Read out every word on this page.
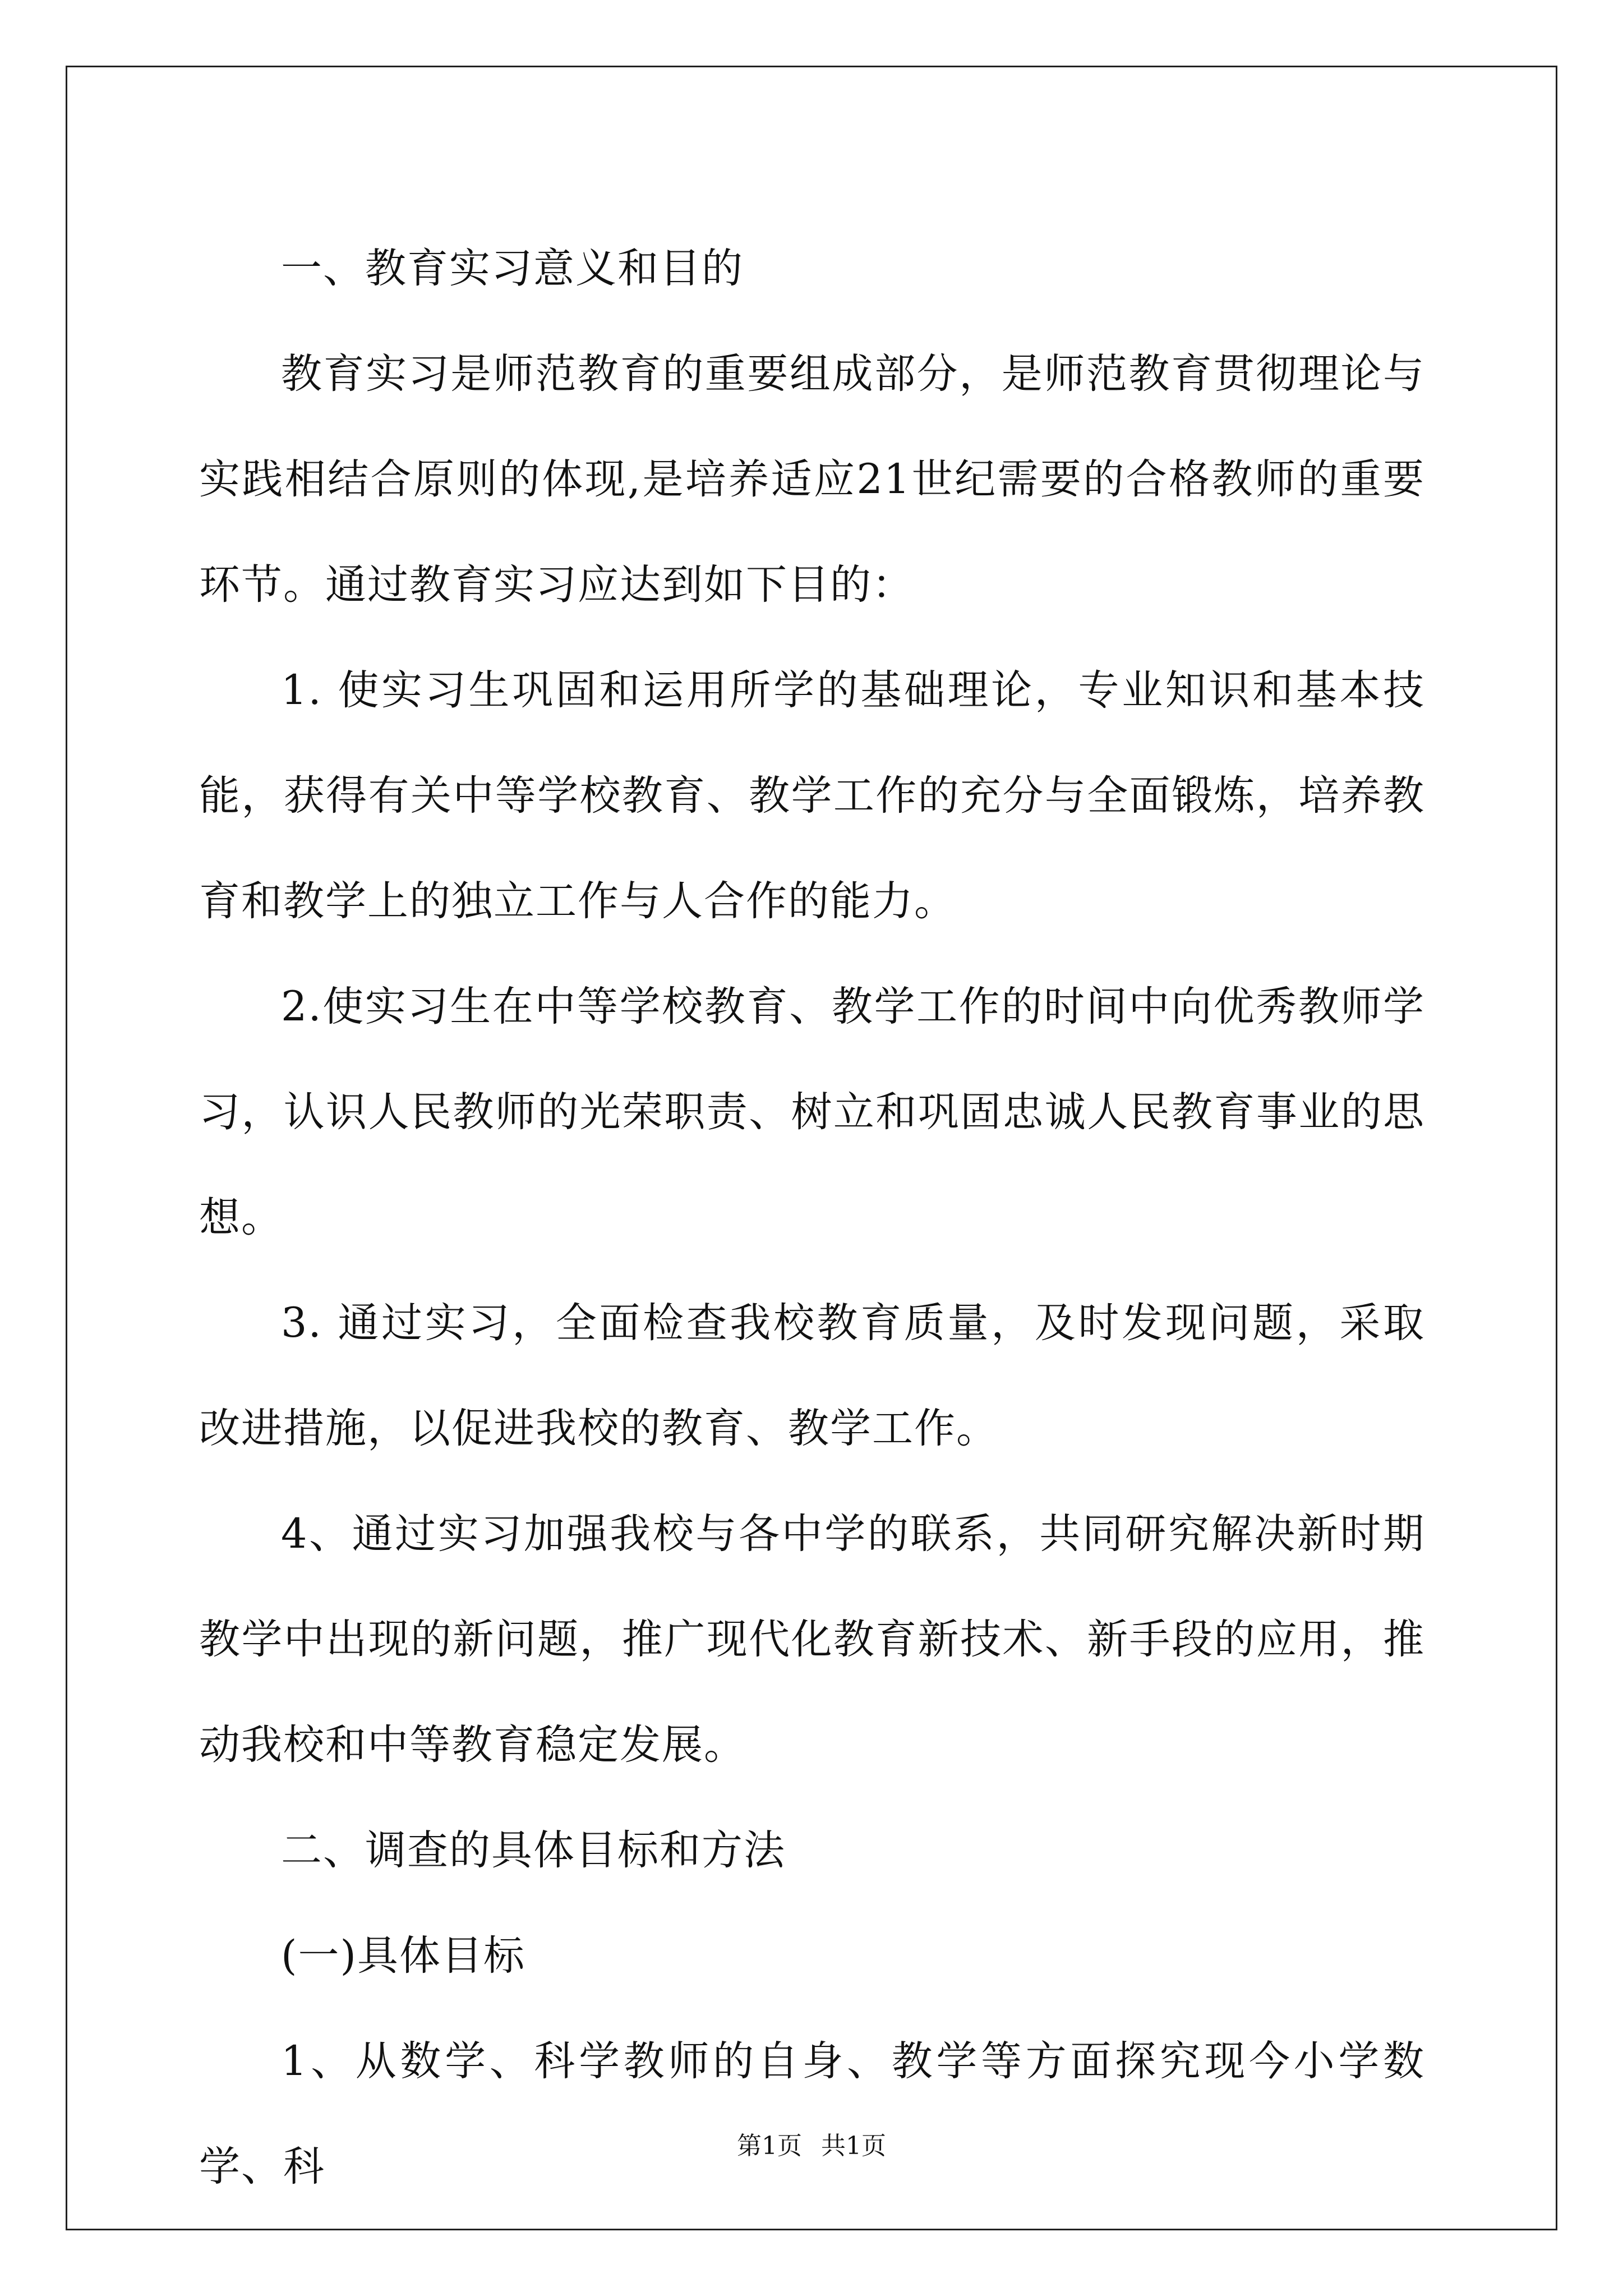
一、教育实习意义和目的

教育实习是师范教育的重要组成部分，是师范教育贯彻理论与实践相结合原则的体现,是培养适应21世纪需要的合格教师的重要环节。通过教育实习应达到如下目的：

1. 使实习生巩固和运用所学的基础理论，专业知识和基本技能，获得有关中等学校教育、教学工作的充分与全面锻炼，培养教育和教学上的独立工作与人合作的能力。

2.使实习生在中等学校教育、教学工作的时间中向优秀教师学习，认识人民教师的光荣职责、树立和巩固忠诚人民教育事业的思想。

3. 通过实习，全面检查我校教育质量，及时发现问题，采取改进措施，以促进我校的教育、教学工作。

4、通过实习加强我校与各中学的联系，共同研究解决新时期教学中出现的新问题，推广现代化教育新技术、新手段的应用，推动我校和中等教育稳定发展。

二、调查的具体目标和方法

(一)具体目标

1、从数学、科学教师的自身、教学等方面探究现今小学数学、科	第1页 共1页
